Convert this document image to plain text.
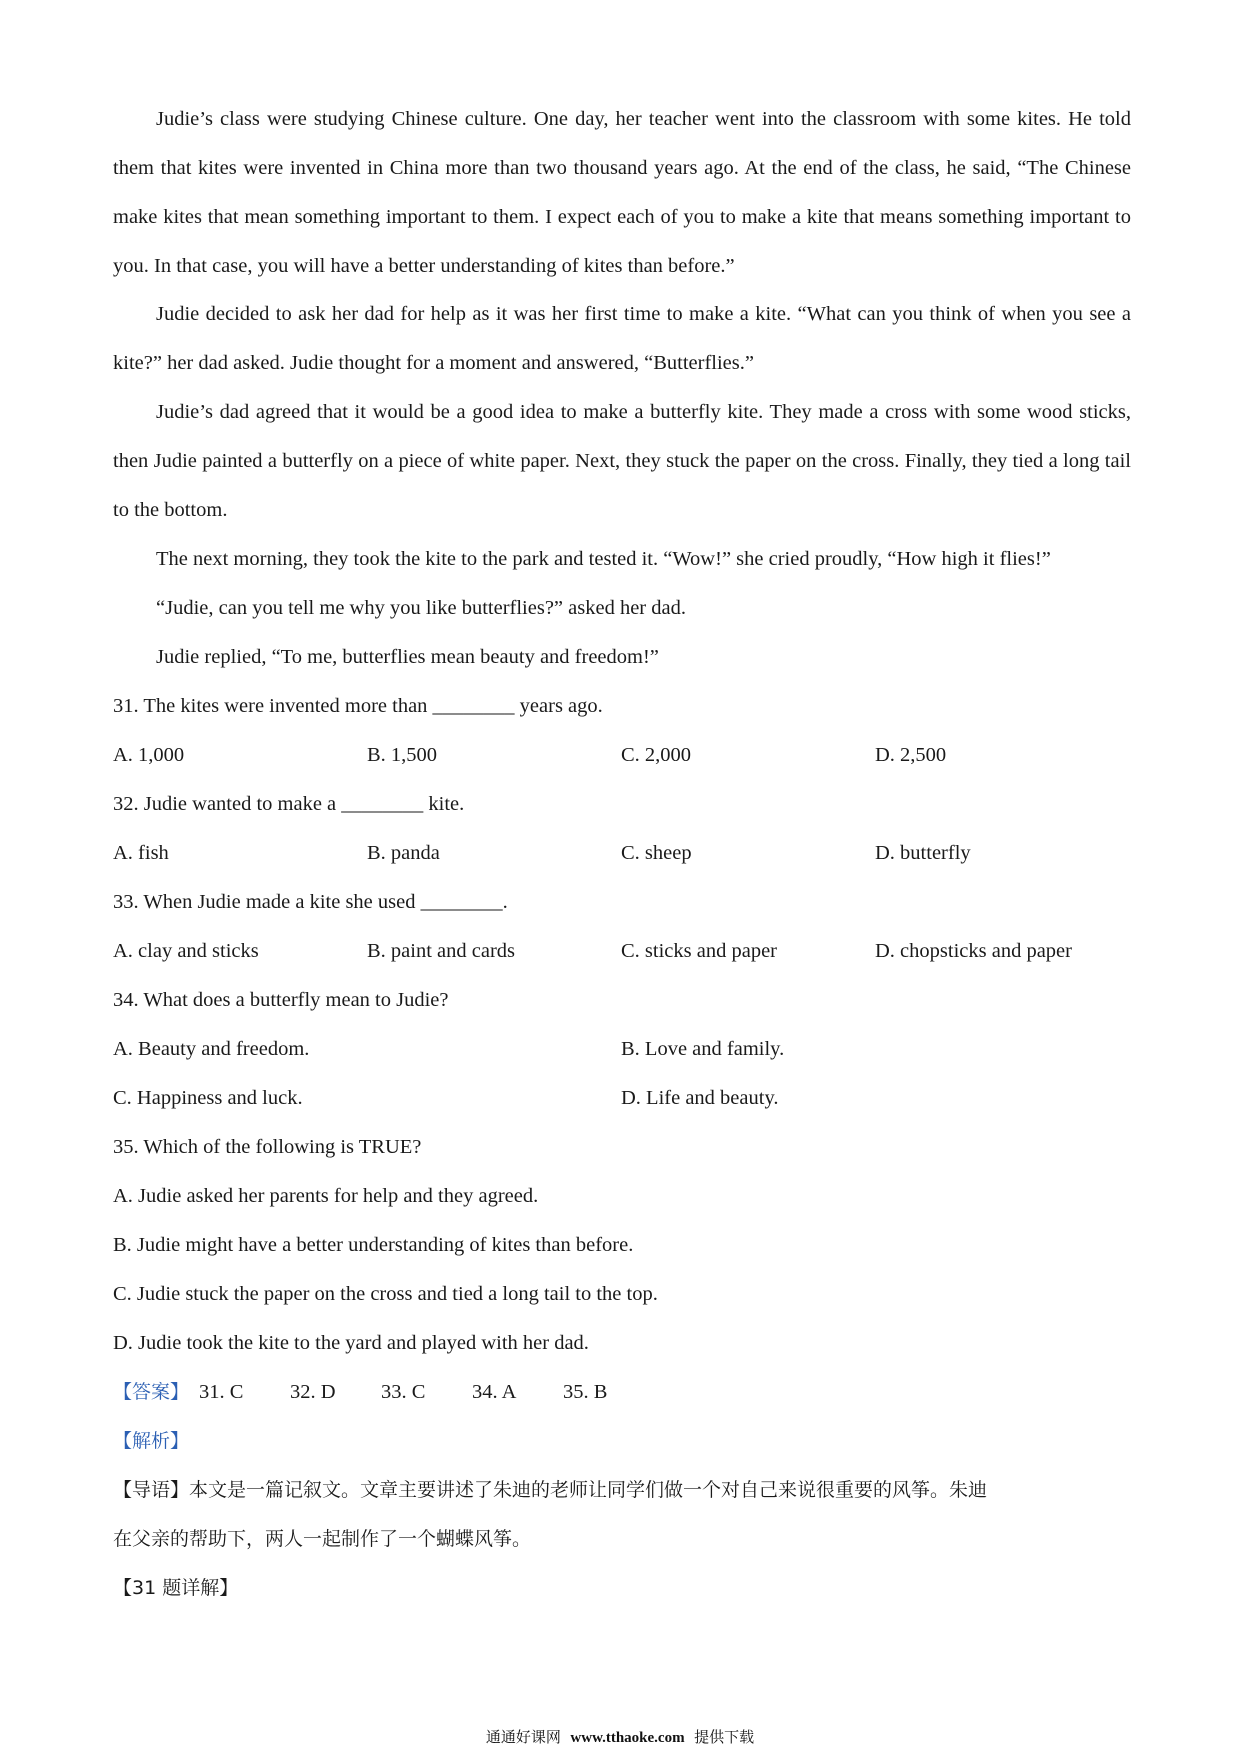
Judie’s class were studying Chinese culture. One day, her teacher went into the classroom with some kites. He told them that kites were invented in China more than two thousand years ago. At the end of the class, he said, “The Chinese make kites that mean something important to them. I expect each of you to make a kite that means something important to you. In that case, you will have a better understanding of kites than before.”

Judie decided to ask her dad for help as it was her first time to make a kite. “What can you think of when you see a kite?” her dad asked. Judie thought for a moment and answered, “Butterflies.”

Judie’s dad agreed that it would be a good idea to make a butterfly kite. They made a cross with some wood sticks, then Judie painted a butterfly on a piece of white paper. Next, they stuck the paper on the cross. Finally, they tied a long tail to the bottom.

The next morning, they took the kite to the park and tested it. “Wow!” she cried proudly, “How high it flies!”

“Judie, can you tell me why you like butterflies?” asked her dad.

Judie replied, “To me, butterflies mean beauty and freedom!”

31. The kites were invented more than ________ years ago.
A. 1,000	B. 1,500	C. 2,000	D. 2,500
32. Judie wanted to make a ________ kite.
A. fish	B. panda	C. sheep	D. butterfly
33. When Judie made a kite she used ________.
A. clay and sticks	B. paint and cards	C. sticks and paper	D. chopsticks and paper
34. What does a butterfly mean to Judie?
A. Beauty and freedom.	B. Love and family.
C. Happiness and luck.	D. Life and beauty.
35. Which of the following is TRUE?
A. Judie asked her parents for help and they agreed.
B. Judie might have a better understanding of kites than before.
C. Judie stuck the paper on the cross and tied a long tail to the top.
D. Judie took the kite to the yard and played with her dad.
【答案】 31. C 32. D 33. C 34. A 35. B
【解析】
【导语】本文是一篇记叙文。文章主要讲述了朱迪的老师让同学们做一个对自己来说很重要的风筝。朱迪
在父亲的帮助下，两人一起制作了一个蝴蝶风筝。
【31 题详解】
通通好课网 www.tthaoke.com 提供下载
